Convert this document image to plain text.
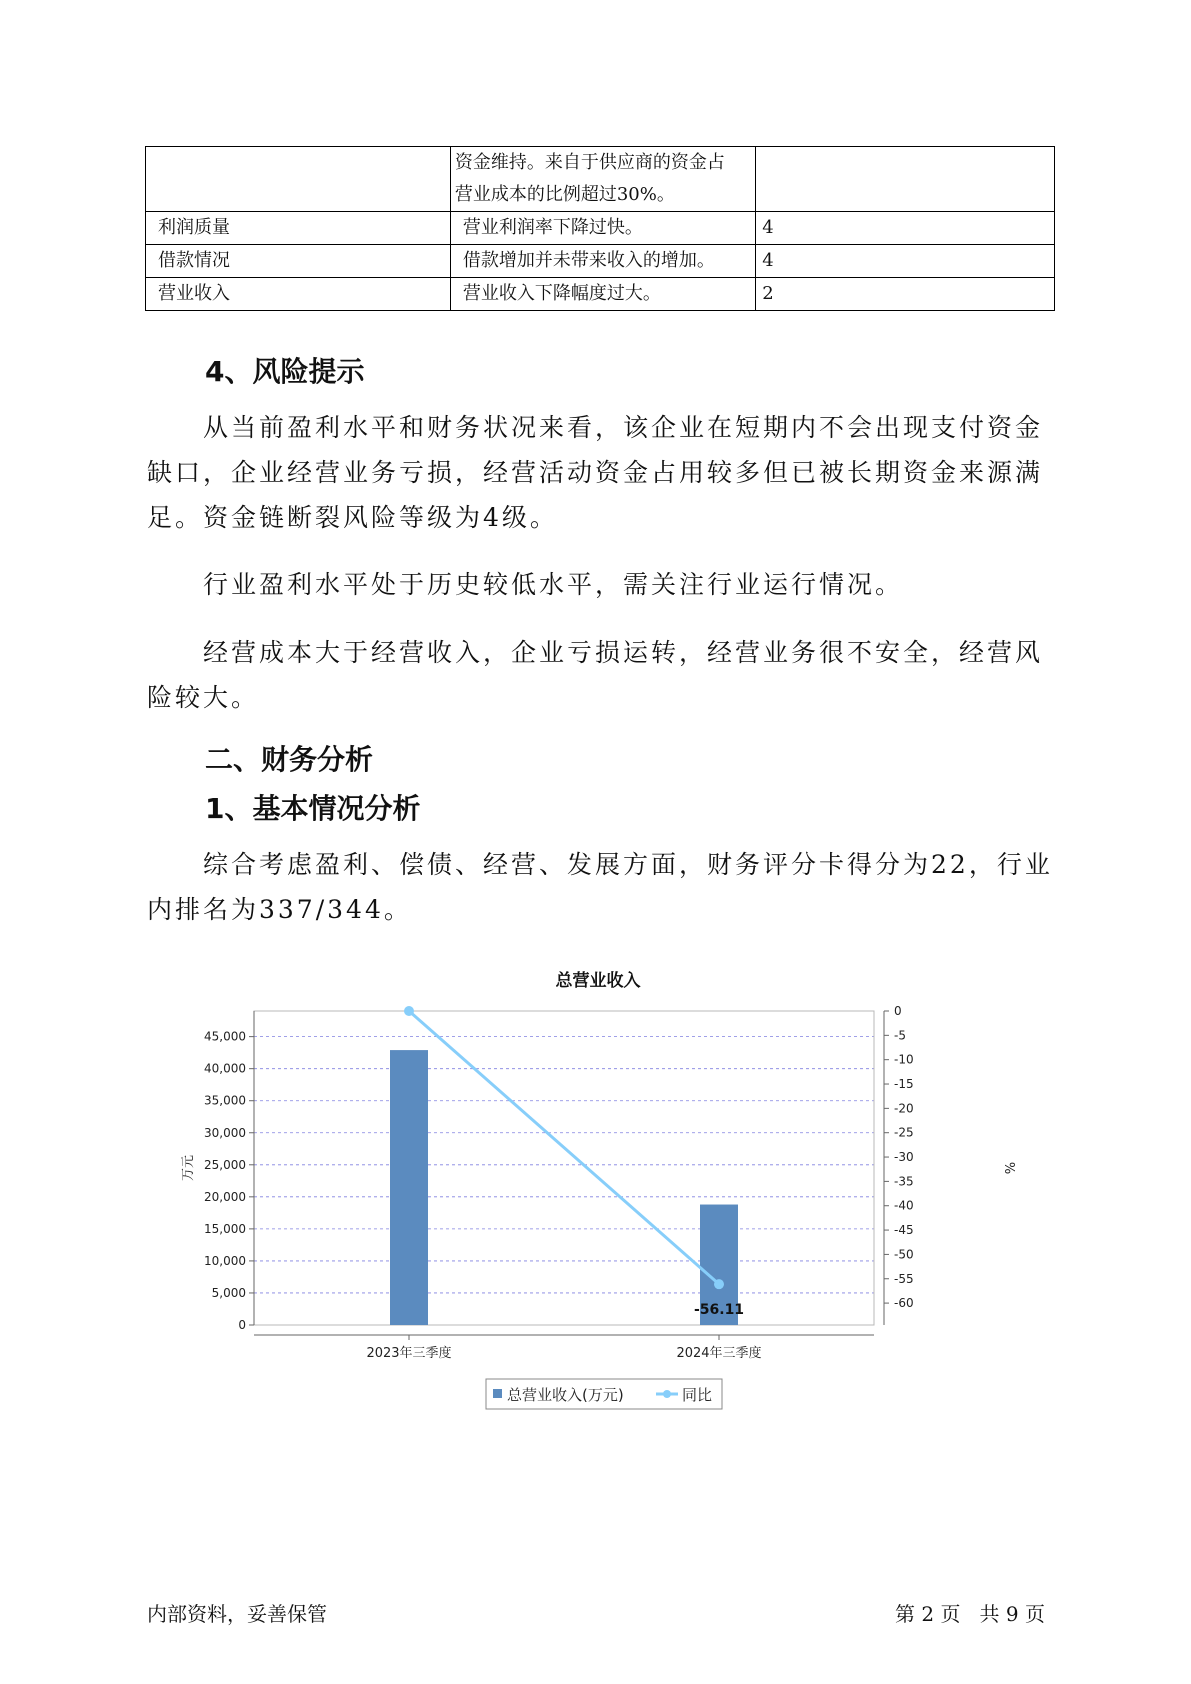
	资金维持。来自于供应商的资金占
营业成本的比例超过30%。	

利润质量	营业利润率下降过快。	4
借款情况	借款增加并未带来收入的增加。	4
营业收入	营业收入下降幅度过大。	2
4、风险提示
从当前盈利水平和财务状况来看，该企业在短期内不会出现支付资金缺口，企业经营业务亏损，经营活动资金占用较多但已被长期资金来源满足。资金链断裂风险等级为4级。
行业盈利水平处于历史较低水平，需关注行业运行情况。
经营成本大于经营收入，企业亏损运转，经营业务很不安全，经营风险较大。
二、财务分析
1、基本情况分析
综合考虑盈利、偿债、经营、发展方面，财务评分卡得分为22，行业内排名为337/344。
总营业收入
0
5,000
10,000
15,000
20,000
25,000
30,000
35,000
40,000
45,000
0
-5
-10
-15
-20
-25
-30
-35
-40
-45
-50
-55
-60
2023年三季度	2024年三季度
-56.11
万元	%
总营业收入(万元)	同比
内部资料，妥善保管	第 2 页   共 9 页
